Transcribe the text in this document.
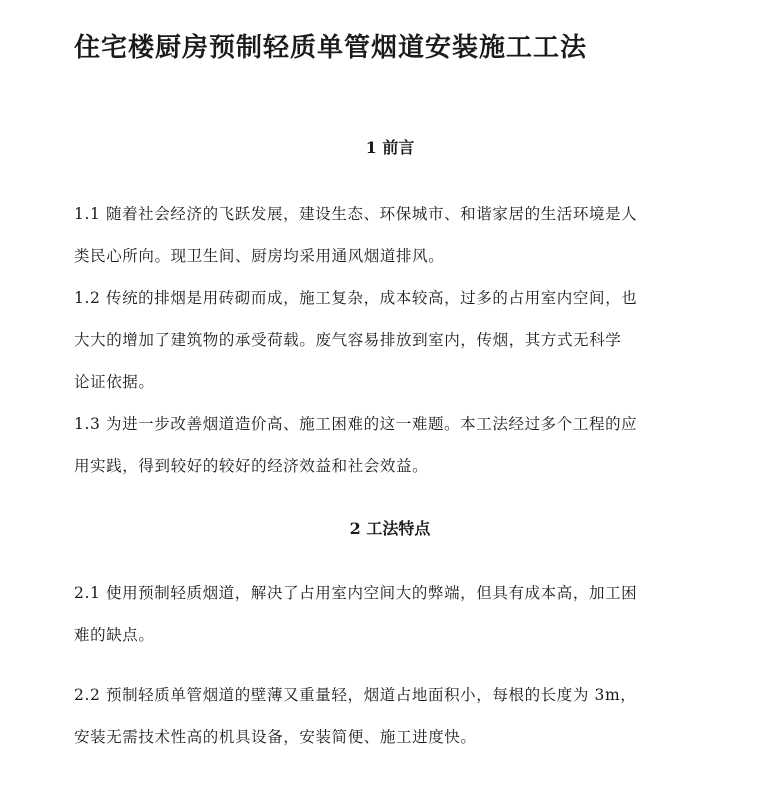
住宅楼厨房预制轻质单管烟道安装施工工法
1 前言

1.1 随着社会经济的飞跃发展，建设生态、环保城市、和谐家居的生活环境是人
类民心所向。现卫生间、厨房均采用通风烟道排风。

1.2 传统的排烟是用砖砌而成，施工复杂，成本较高，过多的占用室内空间，也
大大的增加了建筑物的承受荷载。废气容易排放到室内，传烟，其方式无科学
论证依据。

1.3 为进一步改善烟道造价高、施工困难的这一难题。本工法经过多个工程的应
用实践，得到较好的较好的经济效益和社会效益。

2 工法特点

2.1 使用预制轻质烟道，解决了占用室内空间大的弊端，但具有成本高，加工困
难的缺点。

2.2 预制轻质单管烟道的壁薄又重量轻，烟道占地面积小，每根的长度为 3m，
安装无需技术性高的机具设备，安装简便、施工进度快。
